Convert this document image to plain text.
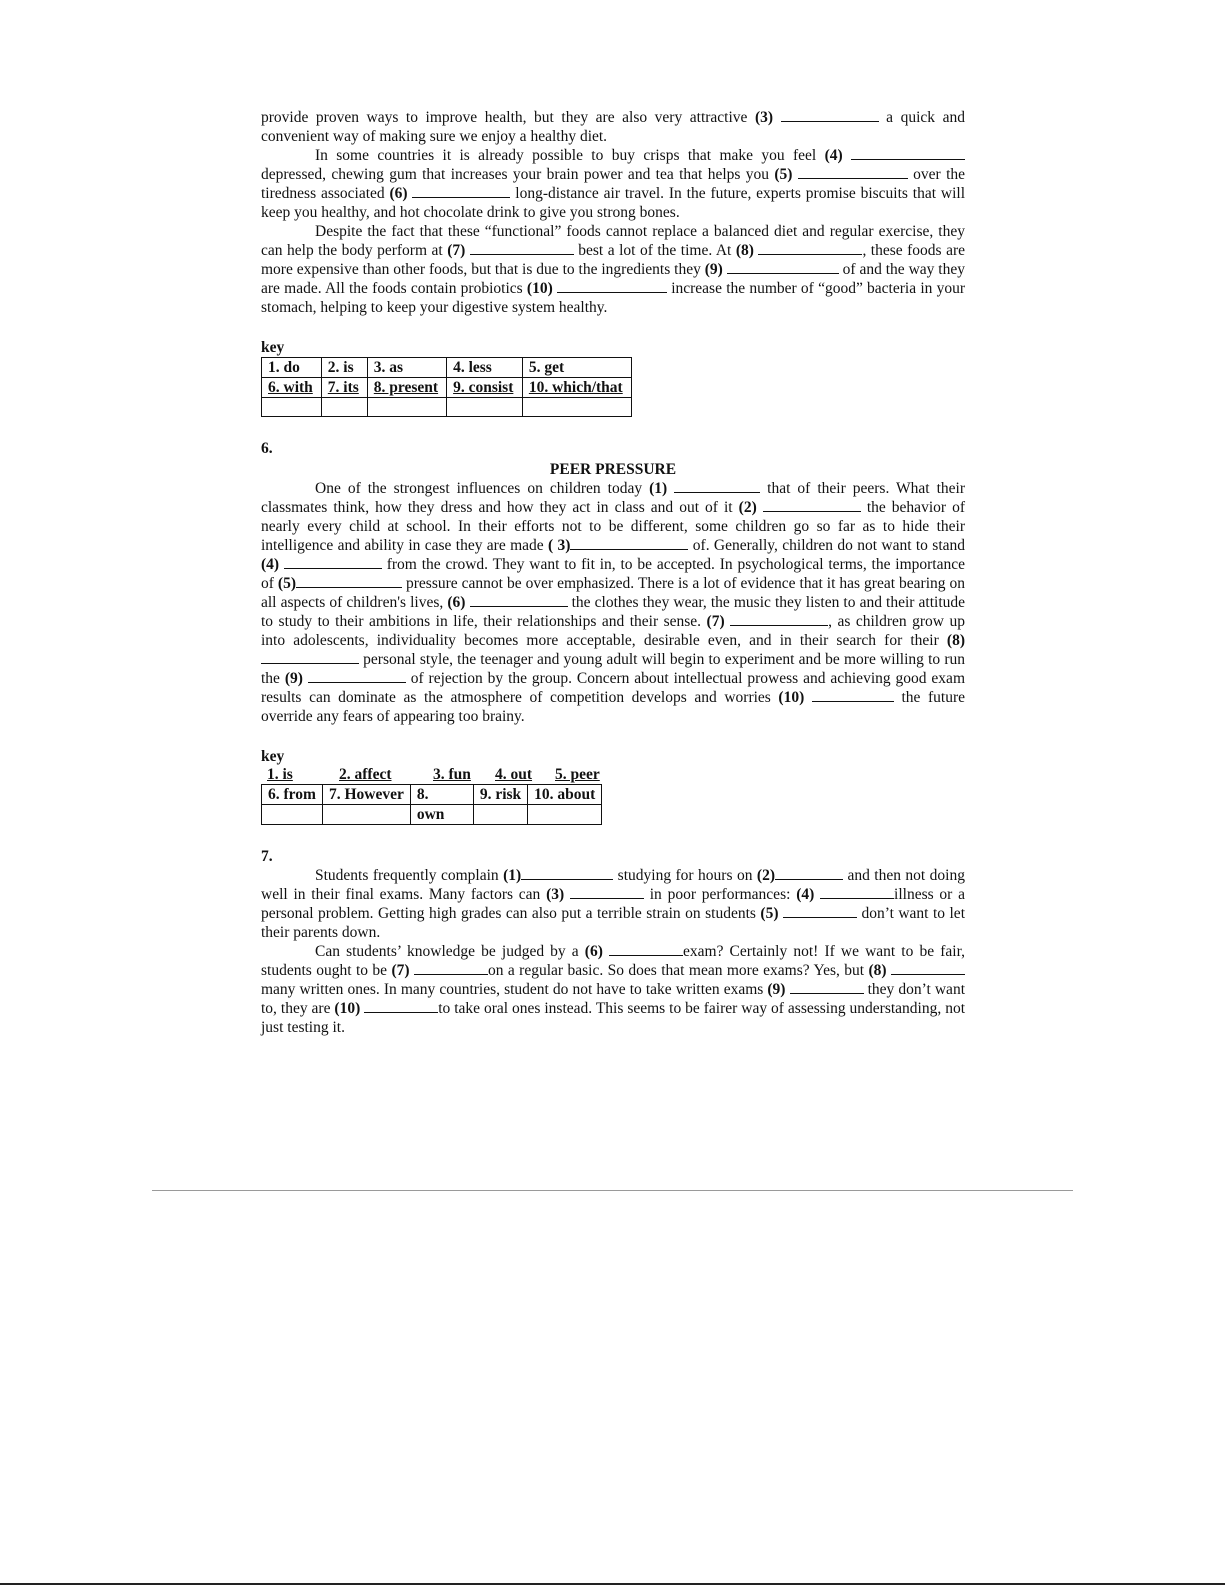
provide proven ways to improve health, but they are also very attractive (3)	a quick and convenient way of making sure we enjoy a healthy diet.

In some countries it is already possible to buy crisps that make you feel (4)  depressed, chewing gum that increases your brain power and tea that helps you (5)	over the tiredness associated (6)	long-distance air travel. In the future, experts promise biscuits that will keep you healthy, and hot chocolate drink to give you strong bones.

Despite the fact that these “functional” foods cannot replace a balanced diet and regular exercise, they can help the body perform at (7)	best a lot of the time. At (8)	, these foods are more expensive than other foods, but that is due to the ingredients they (9)	of and the way they are made. All the foods contain probiotics (10)	increase the number of “good” bacteria in your stomach, helping to keep your digestive system healthy.

key
1. do	2. is	3. as	4. less	5. get
6. with	7. its	8. present	9. consist	10. which/that

6.
PEER PRESSURE

One of the strongest influences on children today (1)	that of their peers. What their classmates think, how they dress and how they act in class and out of it (2)	the behavior of nearly every child at school. In their efforts not to be different, some children go so far as to hide their intelligence and ability in case they are made ( 3)	of. Generally, children do not want to stand (4)	from the crowd. They want to fit in, to be accepted. In psychological terms, the importance of (5)	pressure cannot be over emphasized. There is a lot of evidence that it has great bearing on all aspects of children's lives, (6)	the clothes they wear, the music they listen to and their attitude to study to their ambitions in life, their relationships and their sense. (7)	, as children grow up into adolescents, individuality becomes more acceptable, desirable even, and in their search for their (8)  personal style, the teenager and young adult will begin to experiment and be more willing to run the (9)	of rejection by the group. Concern about intellectual prowess and achieving good exam results can dominate as the atmosphere of competition develops and worries (10)	the future override any fears of appearing too brainy.

key
1. is	2. affect	3. fun	4. out	5. peer
6. from	7. However	8.	9. risk	10. about
		own		
7.

Students frequently complain (1)	studying for hours on (2)	and then not doing well in their final exams. Many factors can (3)	in poor performances: (4)	illness or a personal problem. Getting high grades can also put a terrible strain on students (5)	don’t want to let their parents down.

Can students’ knowledge be judged by a (6)	exam? Certainly not! If we want to be fair, students ought to be (7)	on a regular basic. So does that mean more exams? Yes, but (8) many written ones. In many countries, student do not have to take written exams (9)	they don’t want to, they are (10)	to take oral ones instead. This seems to be fairer way of assessing understanding, not just testing it.
